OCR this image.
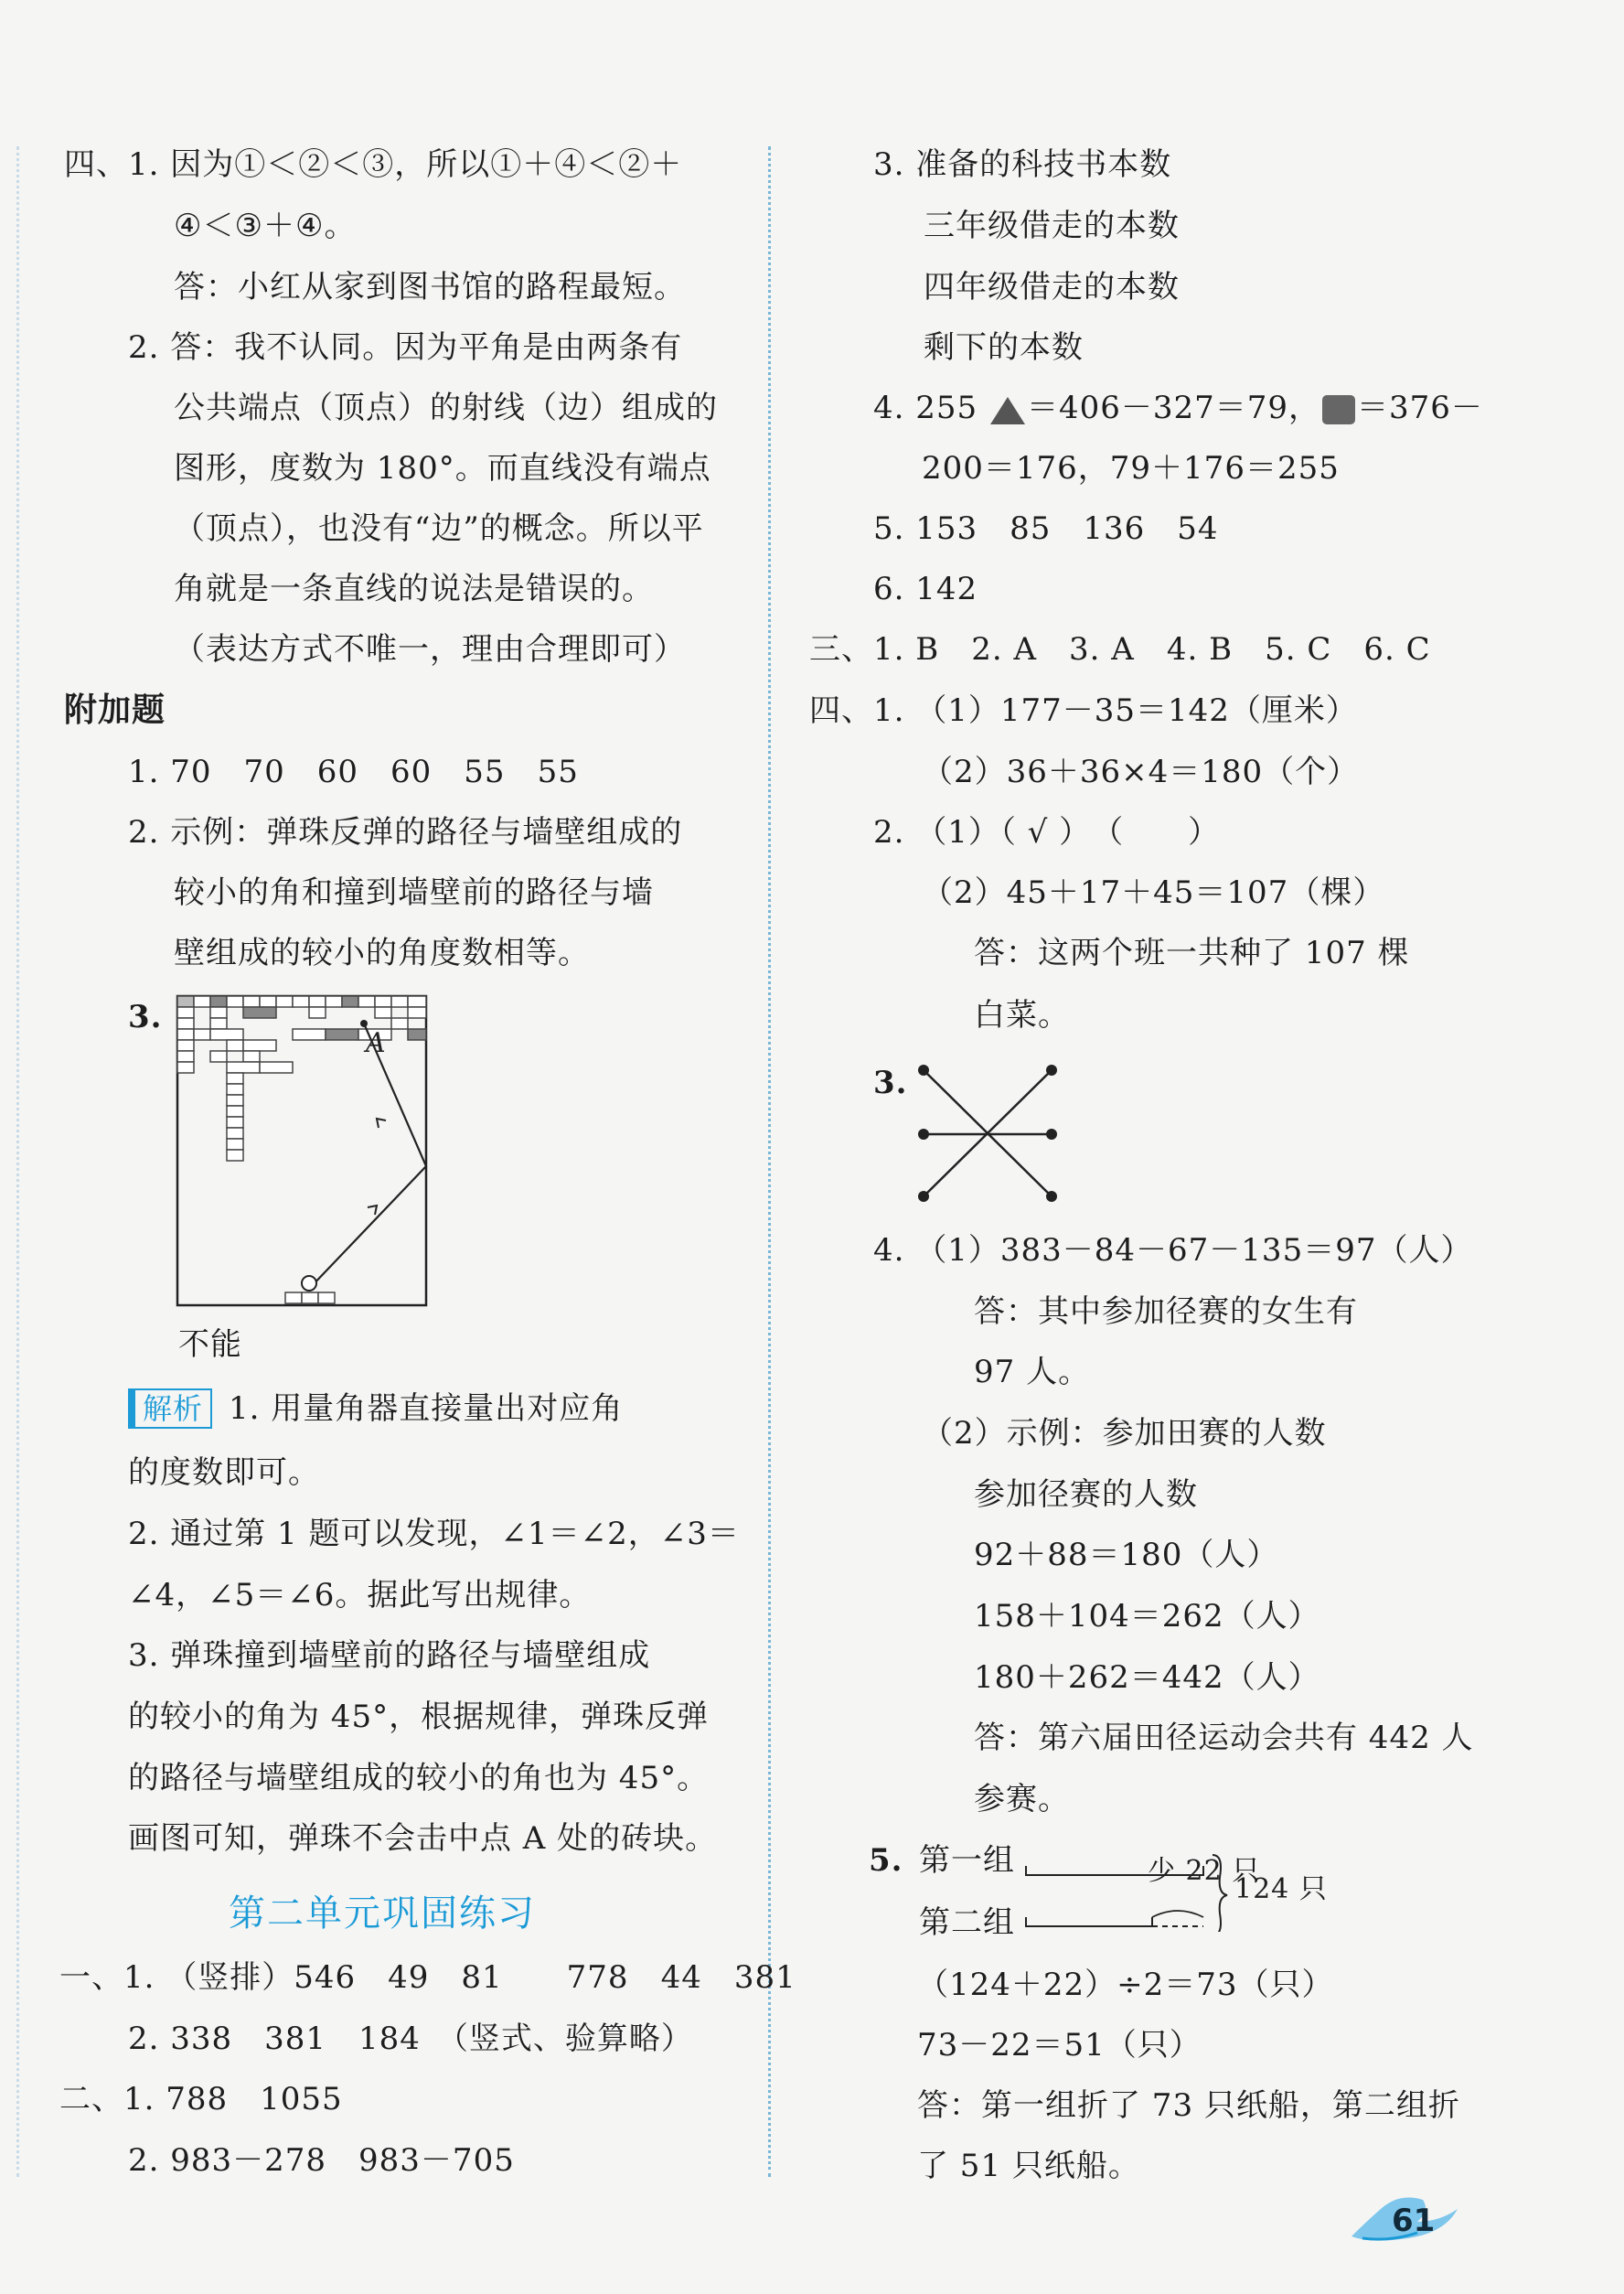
四、1. 因为①＜②＜③，所以①＋④＜②＋
④＜③＋④。
答：小红从家到图书馆的路程最短。
2. 答：我不认同。因为平角是由两条有
公共端点（顶点）的射线（边）组成的
图形，度数为 180°。而直线没有端点
（顶点），也没有“边”的概念。所以平
角就是一条直线的说法是错误的。
（表达方式不唯一，理由合理即可）
附加题
1. 70　70　60　60　55　55
2. 示例：弹珠反弹的路径与墙壁组成的
较小的角和撞到墙壁前的路径与墙
壁组成的较小的角度数相等。
3.
A
不能
解析 1. 用量角器直接量出对应角
的度数即可。
2. 通过第 1 题可以发现，∠1＝∠2，∠3＝
∠4，∠5＝∠6。据此写出规律。
3. 弹珠撞到墙壁前的路径与墙壁组成
的较小的角为 45°，根据规律，弹珠反弹
的路径与墙壁组成的较小的角也为 45°。
画图可知，弹珠不会击中点 A 处的砖块。
第二单元巩固练习
一、1. （竖排）546　49　81　　778　44　381
2. 338　381　184　（竖式、验算略）
二、1. 788　1055
2. 983－278　983－705
3. 准备的科技书本数
三年级借走的本数
四年级借走的本数
剩下的本数
4. 255 ＝406－327＝79， ＝376－
200＝176，79＋176＝255
5. 153　85　136　54
6. 142
三、1. B　2. A　3. A　4. B　5. C　6. C
四、1. （1）177－35＝142（厘米）
（2）36＋36×4＝180（个）
2. （1）（ √ ）　（　　）
（2）45＋17＋45＝107（棵）
答：这两个班一共种了 107 棵
白菜。
3.
4. （1）383－84－67－135＝97（人）
答：其中参加径赛的女生有
97 人。
（2）示例：参加田赛的人数
参加径赛的人数
92＋88＝180（人）
158＋104＝262（人）
180＋262＝442（人）
答：第六届田径运动会共有 442 人
参赛。
5. 第一组
第二组
少 22 只
124 只
（124＋22）÷2＝73（只）
73－22＝51（只）
答：第一组折了 73 只纸船，第二组折
了 51 只纸船。
61
